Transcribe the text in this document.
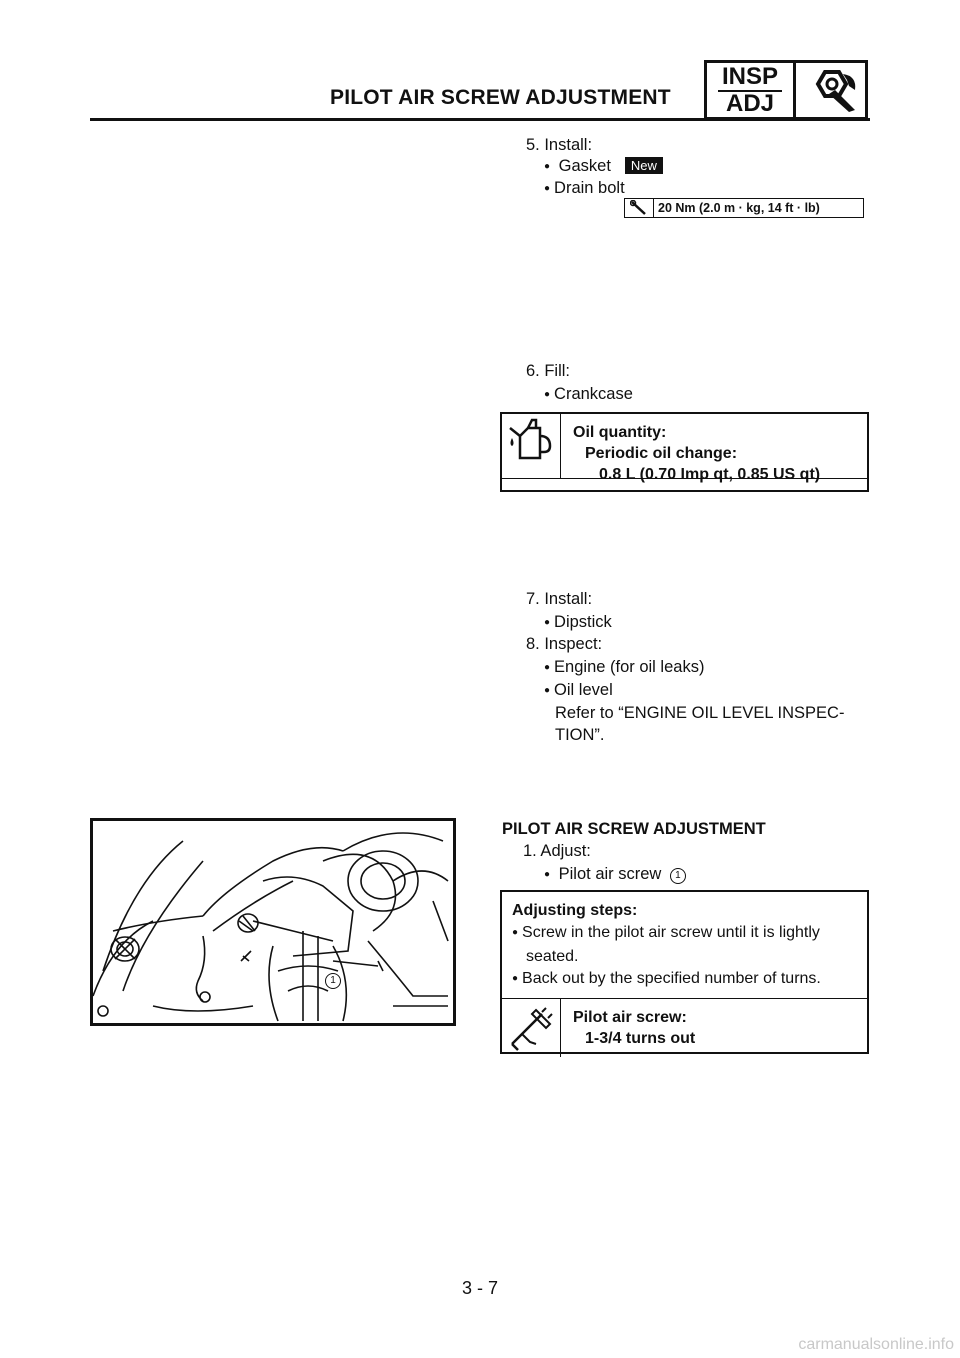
PILOT AIR SCREW ADJUSTMENT
INSP
ADJ
5. Install:
● Gasket New
● Drain bolt
20 Nm (2.0 m · kg, 14 ft · lb)
6. Fill:
● Crankcase
Oil quantity:
Periodic oil change:
0.8 L (0.70 Imp qt, 0.85 US qt)
7. Install:
● Dipstick
8. Inspect:
● Engine (for oil leaks)
● Oil level
Refer to “ENGINE OIL LEVEL INSPEC-
TION”.
PILOT AIR SCREW ADJUSTMENT
1. Adjust:
● Pilot air screw 1
Adjusting steps:
● Screw in the pilot air screw until it is lightly
seated.
● Back out by the specified number of turns.
Pilot air screw:
1-3/4 turns out
1
3 - 7
carmanualsonline.info
